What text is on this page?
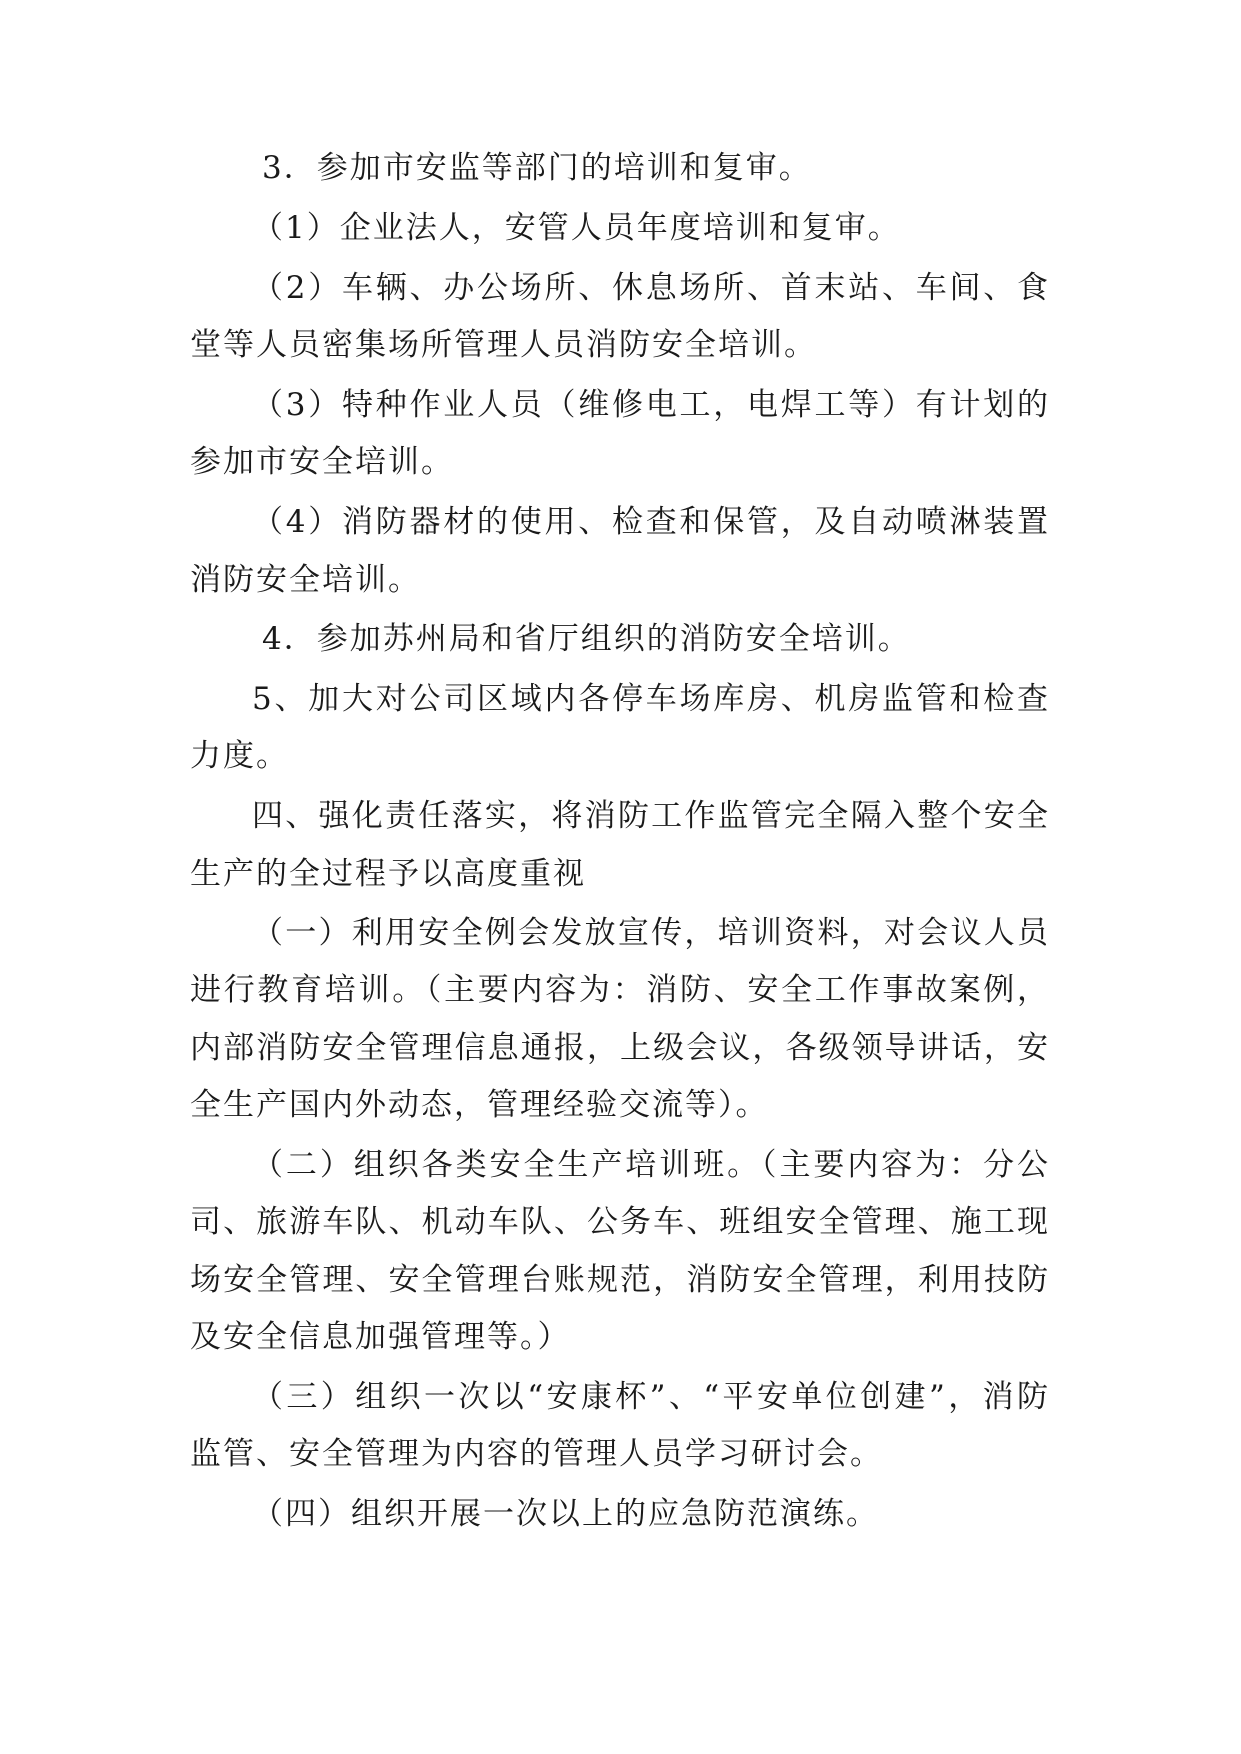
3．参加市安监等部门的培训和复审。
（1）企业法人，安管人员年度培训和复审。
（2）车辆、办公场所、休息场所、首末站、车间、食
堂等人员密集场所管理人员消防安全培训。
（3）特种作业人员（维修电工，电焊工等）有计划的
参加市安全培训。
（4）消防器材的使用、检查和保管，及自动喷淋装置
消防安全培训。
4．参加苏州局和省厅组织的消防安全培训。
5、加大对公司区域内各停车场库房、机房监管和检查
力度。
四、强化责任落实，将消防工作监管完全隔入整个安全
生产的全过程予以高度重视
（一）利用安全例会发放宣传，培训资料，对会议人员
进行教育培训。（主要内容为：消防、安全工作事故案例，
内部消防安全管理信息通报，上级会议，各级领导讲话，安
全生产国内外动态，管理经验交流等）。
（二）组织各类安全生产培训班。（主要内容为：分公
司、旅游车队、机动车队、公务车、班组安全管理、施工现
场安全管理、安全管理台账规范，消防安全管理，利用技防
及安全信息加强管理等。）
（三）组织一次以“安康杯”、“平安单位创建”，消防
监管、安全管理为内容的管理人员学习研讨会。
（四）组织开展一次以上的应急防范演练。
